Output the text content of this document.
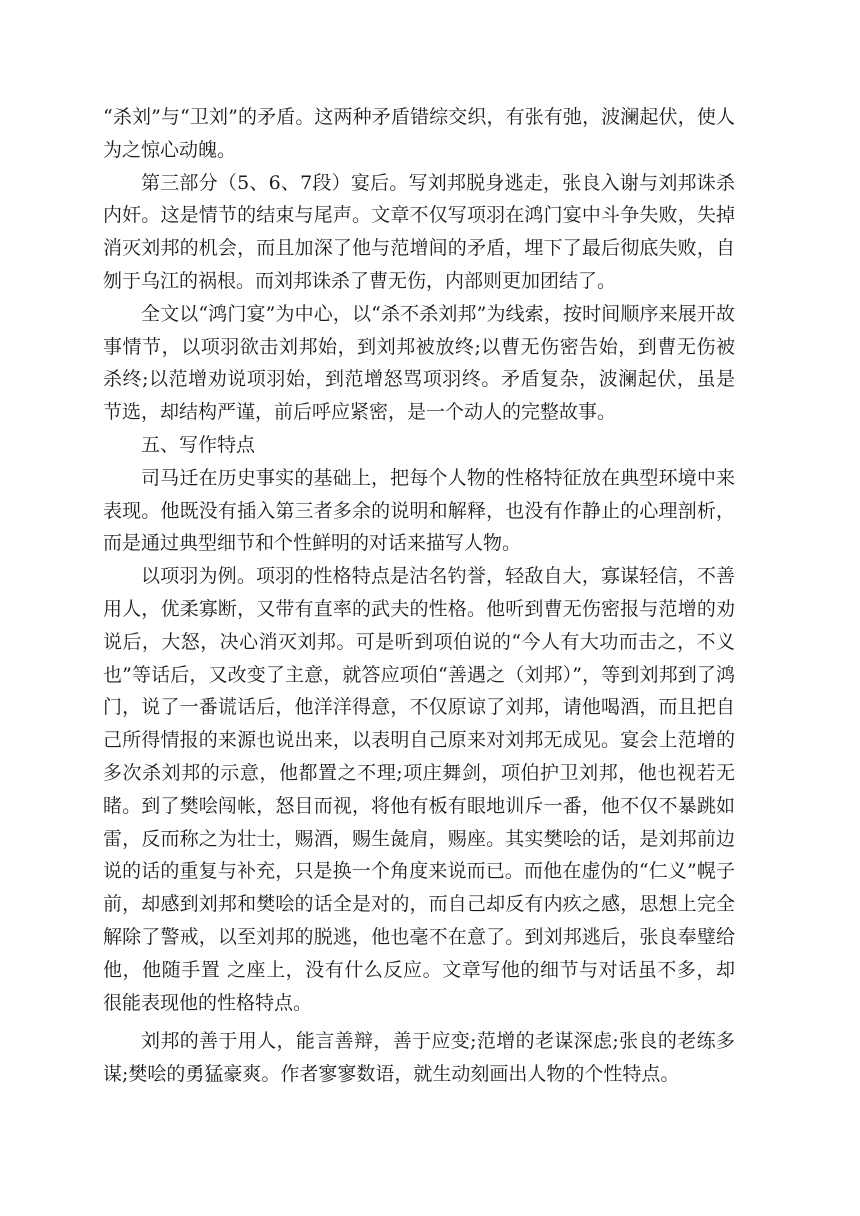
“杀刘”与“卫刘”的矛盾。这两种矛盾错综交织，有张有弛，波澜起伏，使人为之惊心动魄。

第三部分（5、6、7段）宴后。写刘邦脱身逃走，张良入谢与刘邦诛杀内奸。这是情节的结束与尾声。文章不仅写项羽在鸿门宴中斗争失败，失掉消灭刘邦的机会，而且加深了他与范增间的矛盾，埋下了最后彻底失败，自刎于乌江的祸根。而刘邦诛杀了曹无伤，内部则更加团结了。

全文以“鸿门宴”为中心，以“杀不杀刘邦”为线索，按时间顺序来展开故事情节，以项羽欲击刘邦始，到刘邦被放终;以曹无伤密告始，到曹无伤被杀终;以范增劝说项羽始，到范增怒骂项羽终。矛盾复杂，波澜起伏，虽是节选，却结构严谨，前后呼应紧密，是一个动人的完整故事。

五、写作特点

司马迁在历史事实的基础上，把每个人物的性格特征放在典型环境中来表现。他既没有插入第三者多余的说明和解释，也没有作静止的心理剖析，而是通过典型细节和个性鲜明的对话来描写人物。

以项羽为例。项羽的性格特点是沽名钓誉，轻敌自大，寡谋轻信，不善用人，优柔寡断，又带有直率的武夫的性格。他听到曹无伤密报与范增的劝说后，大怒，决心消灭刘邦。可是听到项伯说的“今人有大功而击之，不义也”等话后，又改变了主意，就答应项伯“善遇之（刘邦）”，等到刘邦到了鸿门，说了一番谎话后，他洋洋得意，不仅原谅了刘邦，请他喝酒，而且把自己所得情报的来源也说出来，以表明自己原来对刘邦无成见。宴会上范增的多次杀刘邦的示意，他都置之不理;项庄舞剑，项伯护卫刘邦，他也视若无睹。到了樊哙闯帐，怒目而视，将他有板有眼地训斥一番，他不仅不暴跳如雷，反而称之为壮士，赐酒，赐生彘肩，赐座。其实樊哙的话，是刘邦前边说的话的重复与补充，只是换一个角度来说而已。而他在虚伪的“仁义”幌子前，却感到刘邦和樊哙的话全是对的，而自己却反有内疚之感，思想上完全解除了警戒，以至刘邦的脱逃，他也毫不在意了。到刘邦逃后，张良奉璧给他，他随手置 之座上，没有什么反应。文章写他的细节与对话虽不多，却很能表现他的性格特点。

刘邦的善于用人，能言善辩，善于应变;范增的老谋深虑;张良的老练多谋;樊哙的勇猛豪爽。作者寥寥数语，就生动刻画出人物的个性特点。
